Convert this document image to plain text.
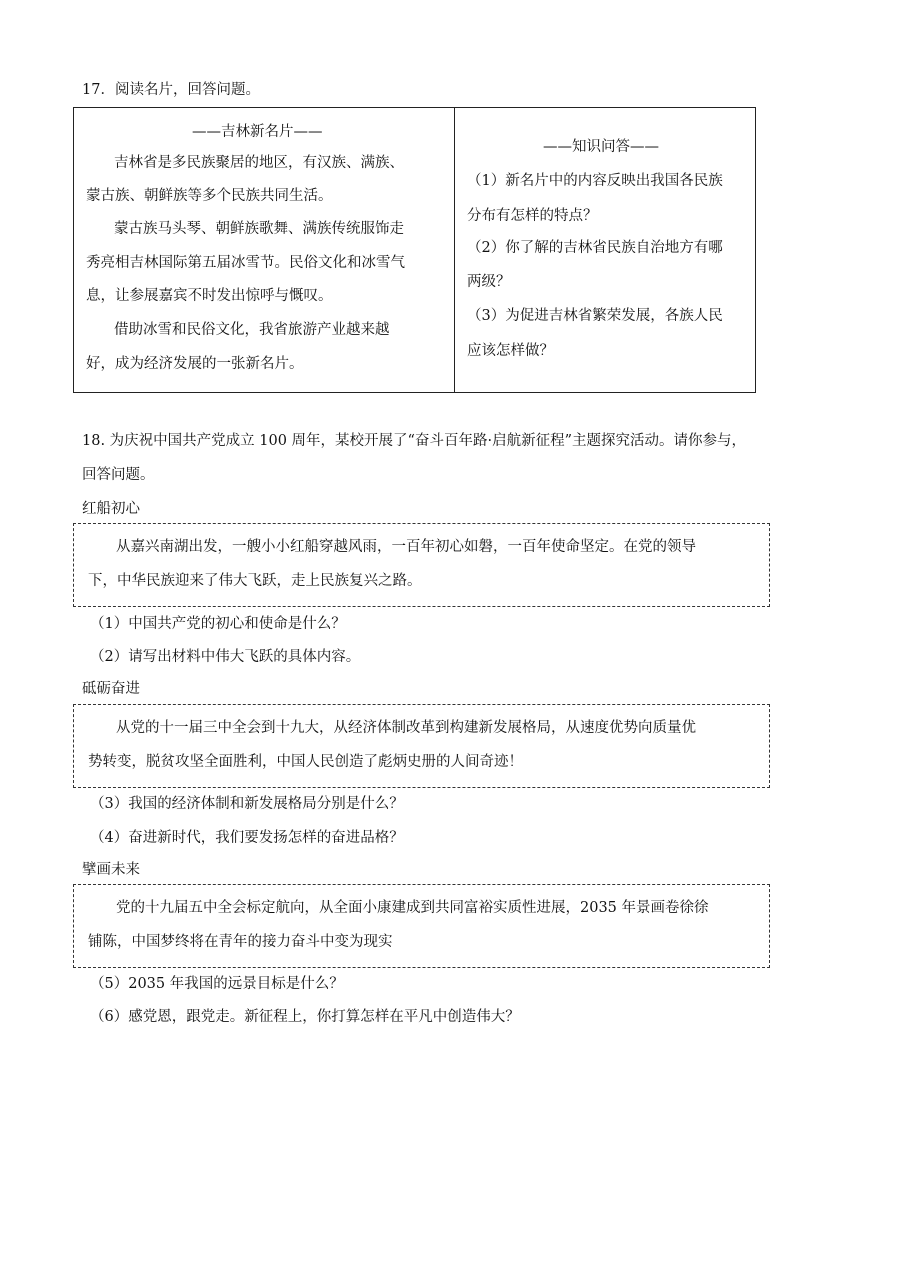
17．阅读名片，回答问题。
——吉林新名片——
吉林省是多民族聚居的地区，有汉族、满族、
蒙古族、朝鲜族等多个民族共同生活。
蒙古族马头琴、朝鲜族歌舞、满族传统服饰走
秀亮相吉林国际第五届冰雪节。民俗文化和冰雪气
息，让参展嘉宾不时发出惊呼与慨叹。
借助冰雪和民俗文化，我省旅游产业越来越
好，成为经济发展的一张新名片。
——知识问答——
（1）新名片中的内容反映出我国各民族
分布有怎样的特点？
（2）你了解的吉林省民族自治地方有哪
两级？
（3）为促进吉林省繁荣发展，各族人民
应该怎样做？
18. 为庆祝中国共产党成立 100 周年，某校开展了“奋斗百年路·启航新征程”主题探究活动。请你参与，
回答问题。
红船初心
从嘉兴南湖出发，一艘小小红船穿越风雨，一百年初心如磐，一百年使命坚定。在党的领导
下，中华民族迎来了伟大飞跃，走上民族复兴之路。
（1）中国共产党的初心和使命是什么？
（2）请写出材料中伟大飞跃的具体内容。
砥砺奋进
从党的十一届三中全会到十九大，从经济体制改革到构建新发展格局，从速度优势向质量优
势转变，脱贫攻坚全面胜利，中国人民创造了彪炳史册的人间奇迹！
（3）我国的经济体制和新发展格局分别是什么？
（4）奋进新时代，我们要发扬怎样的奋进品格？
擘画未来
党的十九届五中全会标定航向，从全面小康建成到共同富裕实质性进展，2035 年景画卷徐徐
铺陈，中国梦终将在青年的接力奋斗中变为现实
（5）2035 年我国的远景目标是什么？
（6）感党恩，跟党走。新征程上，你打算怎样在平凡中创造伟大？
